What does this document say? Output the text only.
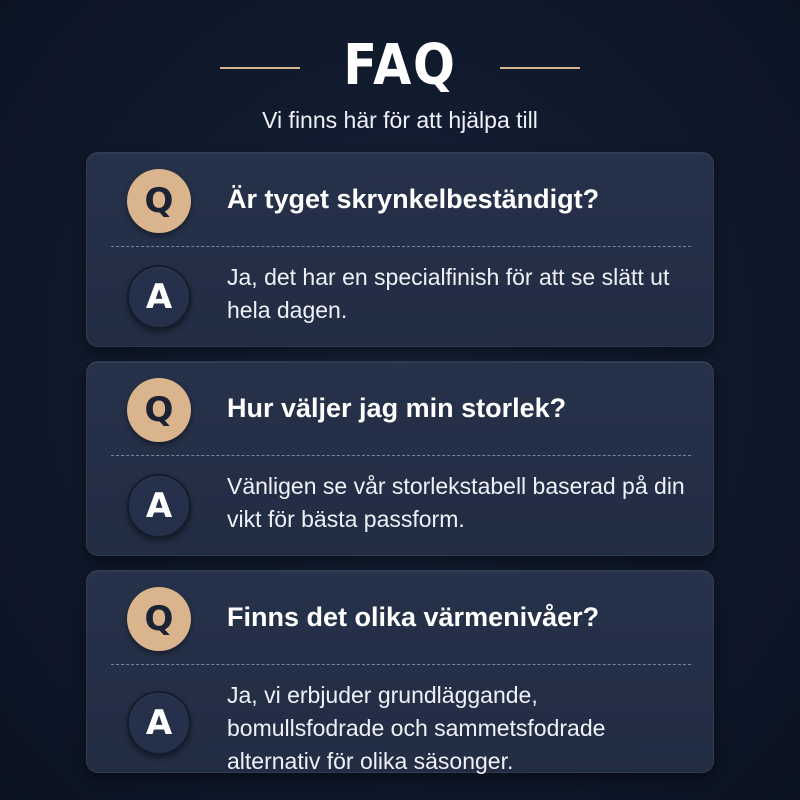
FAQ
Vi finns här för att hjälpa till
Q	Är tyget skrynkelbeständigt?
A	Ja, det har en specialfinish för att se slätt ut hela dagen.
Q	Hur väljer jag min storlek?
A	Vänligen se vår storlekstabell baserad på din vikt för bästa passform.
Q	Finns det olika värmenivåer?
A
Ja, vi erbjuder grundläggande, bomullsfodrade och sammetsfodrade alternativ för olika säsonger.
